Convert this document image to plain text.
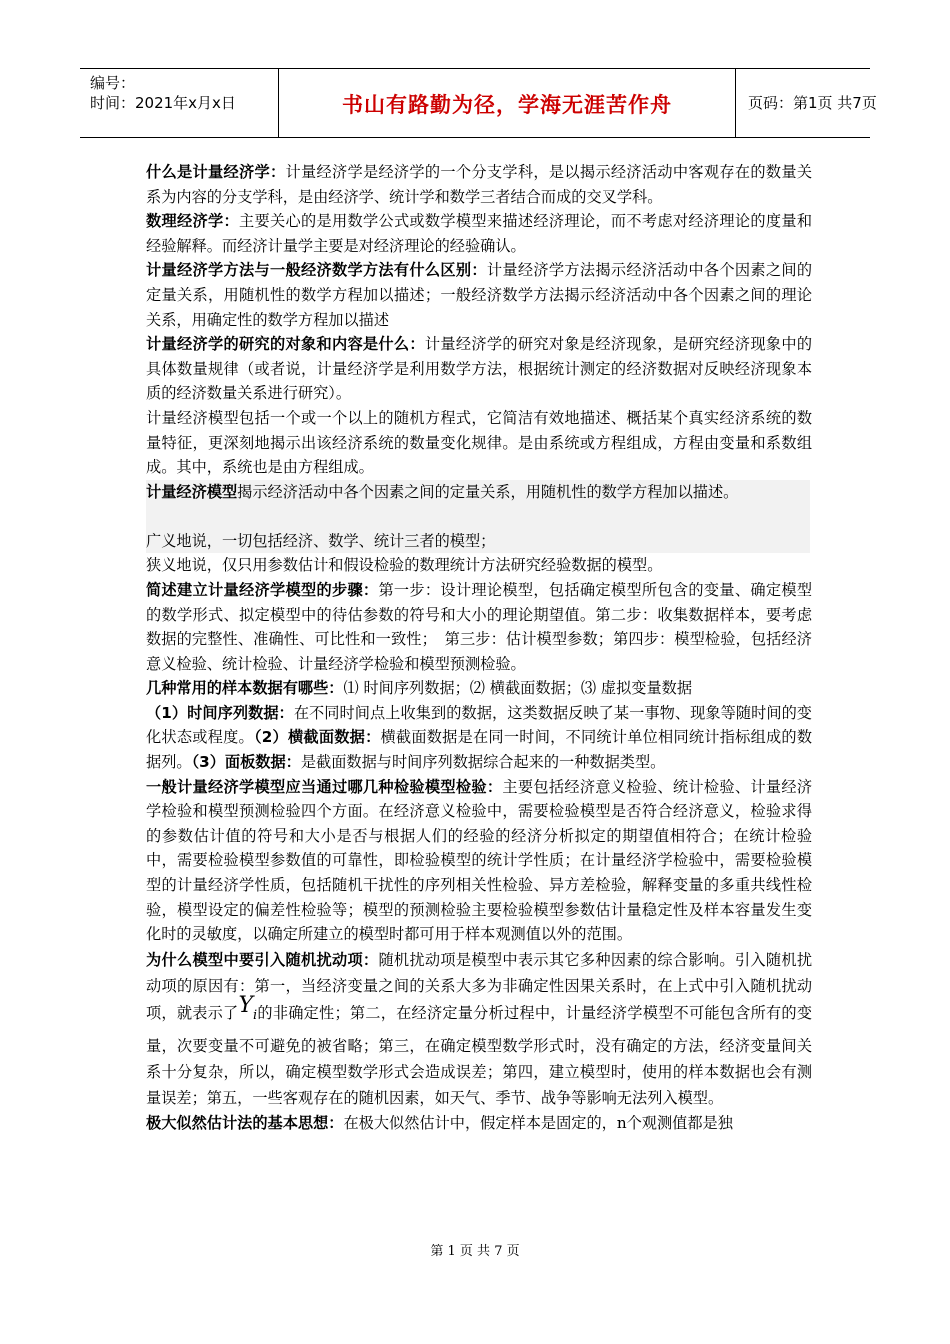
编号：
时间：2021年x月x日	书山有路勤为径，学海无涯苦作舟	页码：第1页 共7页

什么是计量经济学：计量经济学是经济学的一个分支学科，是以揭示经济活动中客观存在的数量关系为内容的分支学科，是由经济学、统计学和数学三者结合而成的交叉学科。

数理经济学：主要关心的是用数学公式或数学模型来描述经济理论，而不考虑对经济理论的度量和经验解释。而经济计量学主要是对经济理论的经验确认。

计量经济学方法与一般经济数学方法有什么区别：计量经济学方法揭示经济活动中各个因素之间的定量关系，用随机性的数学方程加以描述；一般经济数学方法揭示经济活动中各个因素之间的理论关系，用确定性的数学方程加以描述

计量经济学的研究的对象和内容是什么：计量经济学的研究对象是经济现象，是研究经济现象中的具体数量规律（或者说，计量经济学是利用数学方法，根据统计测定的经济数据对反映经济现象本质的经济数量关系进行研究）。

计量经济模型包括一个或一个以上的随机方程式，它简洁有效地描述、概括某个真实经济系统的数量特征，更深刻地揭示出该经济系统的数量变化规律。是由系统或方程组成，方程由变量和系数组成。其中，系统也是由方程组成。

计量经济模型揭示经济活动中各个因素之间的定量关系，用随机性的数学方程加以描述。

广义地说，一切包括经济、数学、统计三者的模型；

狭义地说，仅只用参数估计和假设检验的数理统计方法研究经验数据的模型。

简述建立计量经济学模型的步骤：第一步：设计理论模型，包括确定模型所包含的变量、确定模型的数学形式、拟定模型中的待估参数的符号和大小的理论期望值。第二步：收集数据样本，要考虑数据的完整性、准确性、可比性和一致性；　第三步：估计模型参数；第四步：模型检验，包括经济意义检验、统计检验、计量经济学检验和模型预测检验。

几种常用的样本数据有哪些：⑴ 时间序列数据；⑵ 横截面数据；⑶ 虚拟变量数据

（1）时间序列数据：在不同时间点上收集到的数据，这类数据反映了某一事物、现象等随时间的变化状态或程度。（2）横截面数据：横截面数据是在同一时间，不同统计单位相同统计指标组成的数据列。（3）面板数据：是截面数据与时间序列数据综合起来的一种数据类型。

一般计量经济学模型应当通过哪几种检验模型检验：主要包括经济意义检验、统计检验、计量经济学检验和模型预测检验四个方面。在经济意义检验中，需要检验模型是否符合经济意义，检验求得的参数估计值的符号和大小是否与根据人们的经验的经济分析拟定的期望值相符合；在统计检验中，需要检验模型参数值的可靠性，即检验模型的统计学性质；在计量经济学检验中，需要检验模型的计量经济学性质，包括随机干扰性的序列相关性检验、异方差检验，解释变量的多重共线性检验，模型设定的偏差性检验等；模型的预测检验主要检验模型参数估计量稳定性及样本容量发生变化时的灵敏度，以确定所建立的模型时都可用于样本观测值以外的范围。

为什么模型中要引入随机扰动项：随机扰动项是模型中表示其它多种因素的综合影响。引入随机扰动项的原因有：第一，当经济变量之间的关系大多为非确定性因果关系时，在上式中引入随机扰动项，就表示了$Y_i$的非确定性；第二，在经济定量分析过程中，计量经济学模型不可能包含所有的变量，次要变量不可避免的被省略；第三，在确定模型数学形式时，没有确定的方法，经济变量间关系十分复杂，所以，确定模型数学形式会造成误差；第四，建立模型时，使用的样本数据也会有测量误差；第五，一些客观存在的随机因素，如天气、季节、战争等影响无法列入模型。

极大似然估计法的基本思想：在极大似然估计中，假定样本是固定的，n个观测值都是独

第 1 页 共 7 页
